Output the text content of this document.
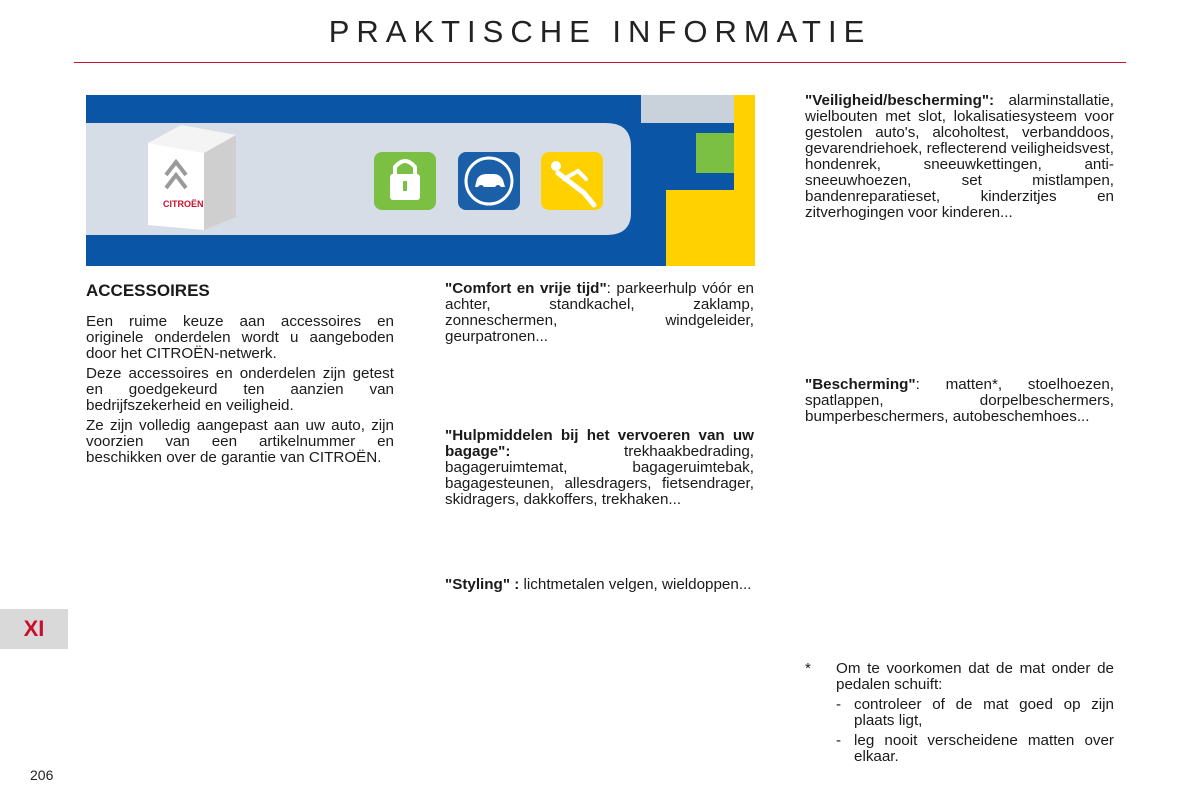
PRAKTISCHE INFORMATIE
CITROËN
ACCESSOIRES

Een ruime keuze aan accessoires en originele onderdelen wordt u aangeboden door het CITROËN-netwerk.

Deze accessoires en onderdelen zijn getest en goedgekeurd ten aanzien van bedrijfszekerheid en veiligheid.

Ze zijn volledig aangepast aan uw auto, zijn voorzien van een artikelnummer en beschikken over de garantie van CITROËN.

"Comfort en vrije tijd": parkeerhulp vóór en achter, standkachel, zaklamp, zonneschermen, windgeleider, geurpatronen...

"Hulpmiddelen bij het vervoeren van uw bagage": trekhaakbedrading, bagageruimtemat, bagageruimtebak, bagagesteunen, allesdragers, fietsendrager, skidragers, dakkoffers, trekhaken...

"Styling" : lichtmetalen velgen, wieldoppen...

"Veiligheid/bescherming": alarminstallatie, wielbouten met slot, lokalisatiesysteem voor gestolen auto's, alcoholtest, verbanddoos, gevarendriehoek, reflecterend veiligheidsvest, hondenrek, sneeuwkettingen, anti-sneeuwhoezen, set mistlampen, bandenreparatieset, kinderzitjes en zitverhogingen voor kinderen...

"Bescherming": matten*, stoelhoezen, spatlappen, dorpelbeschermers, bumperbeschermers, autobeschemhoes...

*	Om te voorkomen dat de mat onder de pedalen schuift:
- controleer of de mat goed op zijn plaats ligt,
- leg nooit verscheidene matten over elkaar.
XI
206
